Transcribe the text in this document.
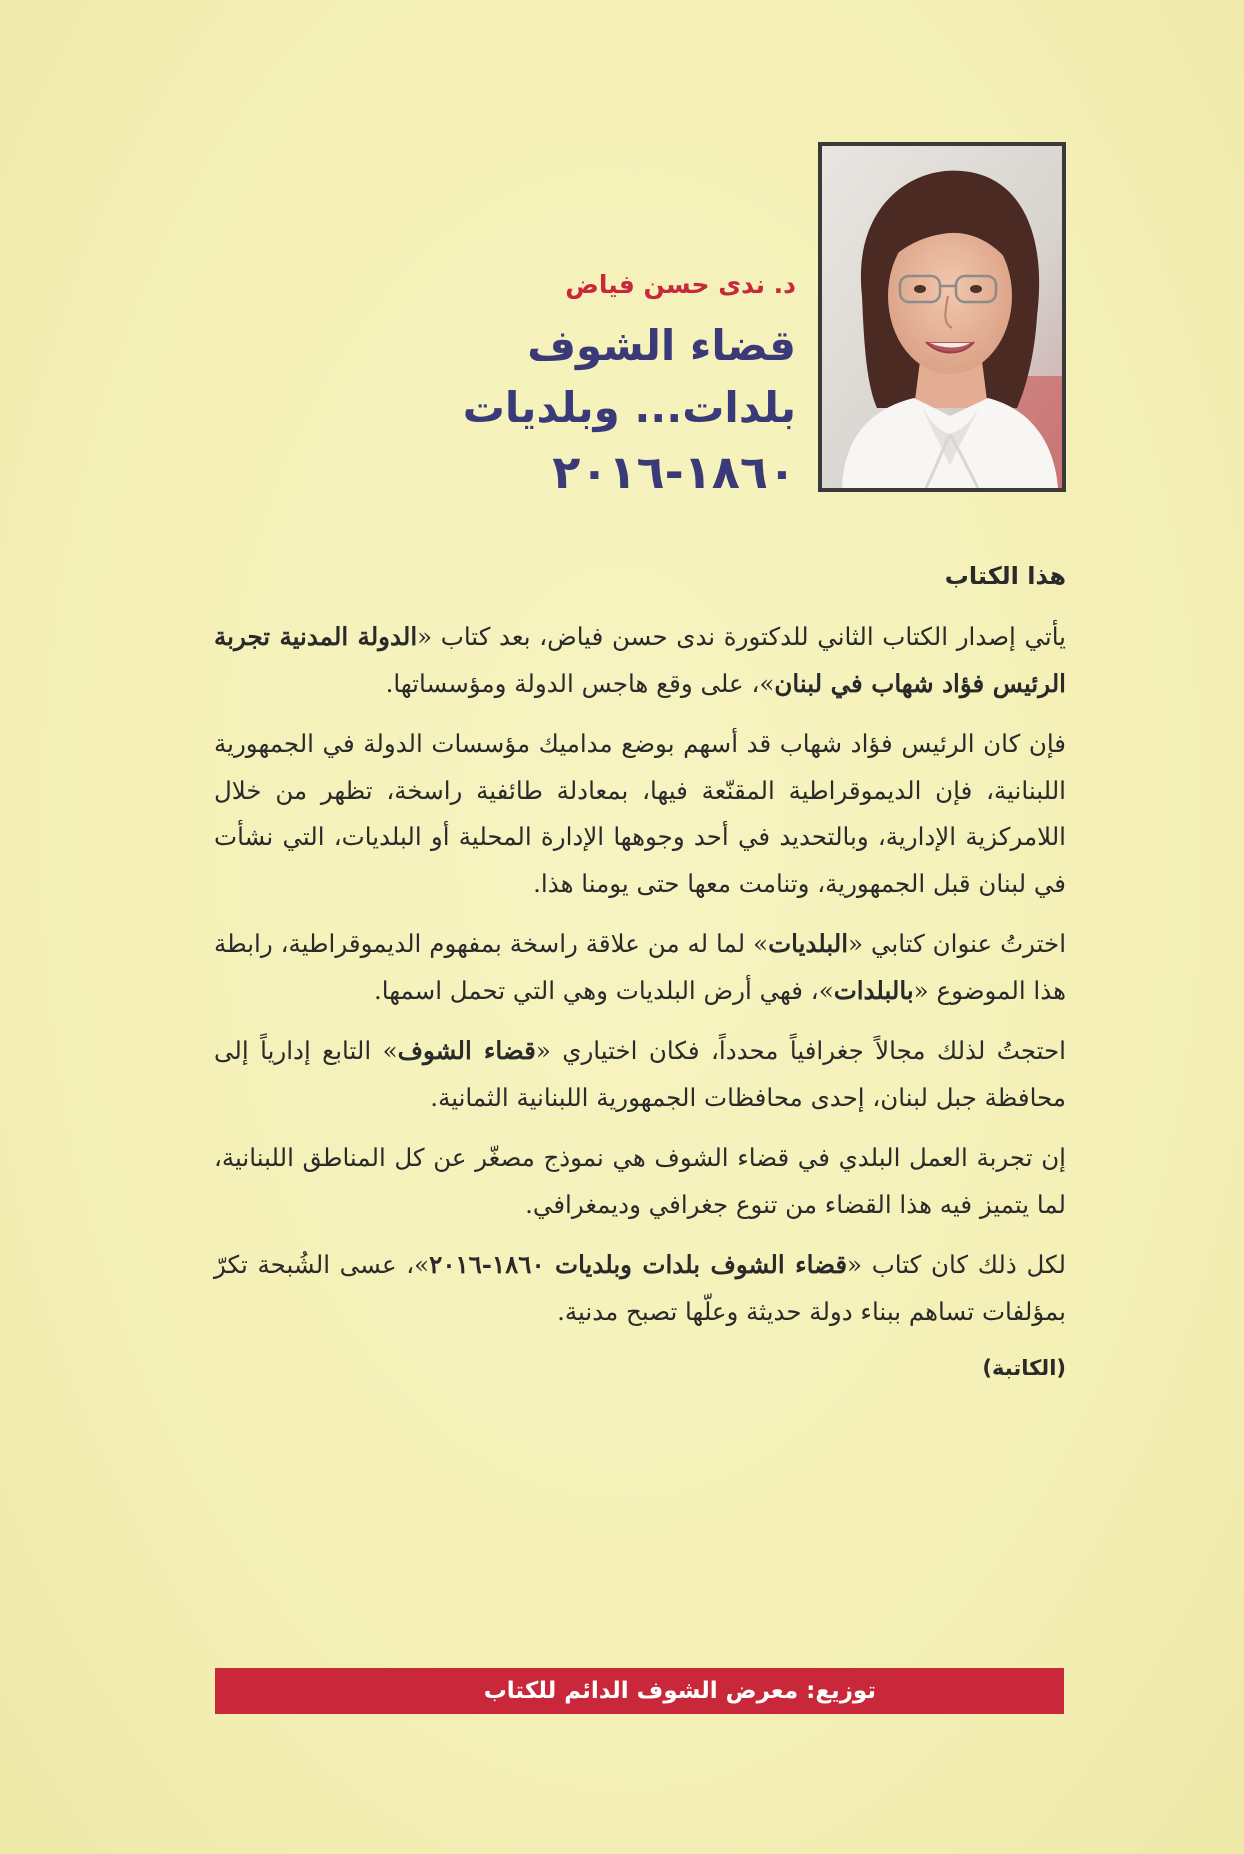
د. ندى حسن فياض
قضاء الشوف
بلدات... وبلديات
١٨٦٠-٢٠١٦
هذا الكتاب

يأتي إصدار الكتاب الثاني للدكتورة ندى حسن فياض، بعد كتاب «الدولة المدنية تجربة الرئيس فؤاد شهاب في لبنان»، على وقع هاجس الدولة ومؤسساتها.

فإن كان الرئيس فؤاد شهاب قد أسهم بوضع مداميك مؤسسات الدولة في الجمهورية اللبنانية، فإن الديموقراطية المقنّعة فيها، بمعادلة طائفية راسخة، تظهر من خلال اللامركزية الإدارية، وبالتحديد في أحد وجوهها الإدارة المحلية أو البلديات، التي نشأت في لبنان قبل الجمهورية، وتنامت معها حتى يومنا هذا.

اخترتُ عنوان كتابي «البلديات» لما له من علاقة راسخة بمفهوم الديموقراطية، رابطة هذا الموضوع «بالبلدات»، فهي أرض البلديات وهي التي تحمل اسمها.

احتجتُ لذلك مجالاً جغرافياً محدداً، فكان اختياري «قضاء الشوف» التابع إدارياً إلى محافظة جبل لبنان، إحدى محافظات الجمهورية اللبنانية الثمانية.

إن تجربة العمل البلدي في قضاء الشوف هي نموذج مصغّر عن كل المناطق اللبنانية، لما يتميز فيه هذا القضاء من تنوع جغرافي وديمغرافي.

لكل ذلك كان كتاب «قضاء الشوف بلدات وبلديات ١٨٦٠-٢٠١٦»، عسى الشُبحة تكرّ بمؤلفات تساهم ببناء دولة حديثة وعلّها تصبح مدنية.

(الكاتبة)
توزيع: معرض الشوف الدائم للكتاب
